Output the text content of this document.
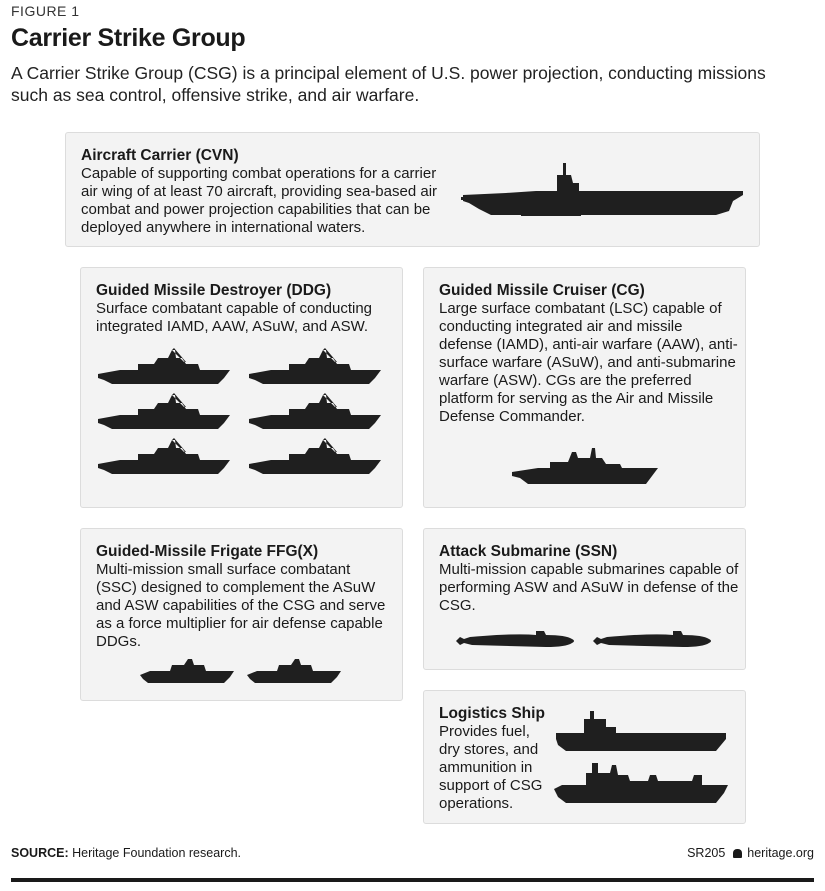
FIGURE 1
Carrier Strike Group
A Carrier Strike Group (CSG) is a principal element of U.S. power projection, conducting missions such as sea control, offensive strike, and air warfare.
Aircraft Carrier (CVN)

Capable of supporting combat operations for a carrier air wing of at least 70 aircraft, providing sea-based air combat and power projection capabilities that can be deployed anywhere in international waters.

Guided Missile Destroyer (DDG)

Surface combatant capable of conducting integrated IAMD, AAW, ASuW, and ASW.

Guided Missile Cruiser (CG)

Large surface combatant (LSC) capable of conducting integrated air and missile defense (IAMD), anti-air warfare (AAW), anti-surface warfare (ASuW), and anti-submarine warfare (ASW). CGs are the preferred platform for serving as the Air and Missile Defense Commander.

Guided-Missile Frigate FFG(X)

Multi-mission small surface combatant (SSC) designed to complement the ASuW and ASW capabilities of the CSG and serve as a force multiplier for air defense capable DDGs.

Attack Submarine (SSN)

Multi-mission capable submarines capable of performing ASW and ASuW in defense of the CSG.

Logistics Ship

Provides fuel, dry stores, and ammunition in support of CSG operations.

SOURCE: Heritage Foundation research.	SR205 heritage.org
